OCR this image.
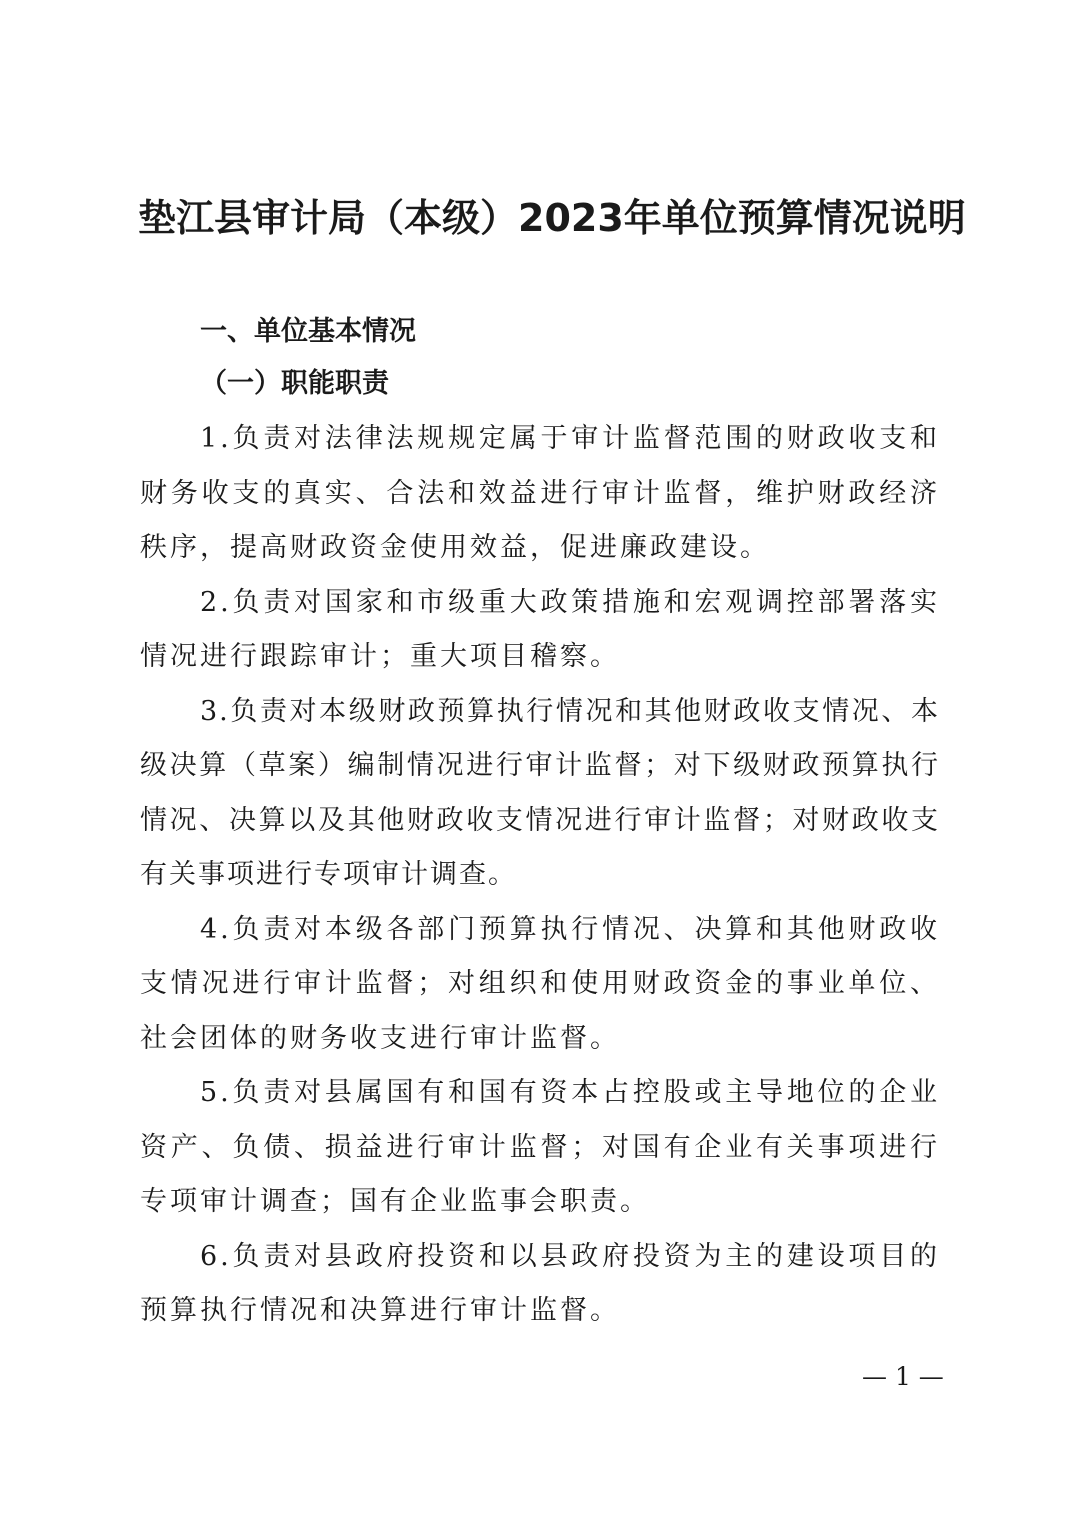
垫江县审计局（本级）2023年单位预算情况说明
一、单位基本情况
（一）职能职责

1.负责对法律法规规定属于审计监督范围的财政收支和财务收支的真实、合法和效益进行审计监督，维护财政经济秩序，提高财政资金使用效益，促进廉政建设。

2.负责对国家和市级重大政策措施和宏观调控部署落实情况进行跟踪审计；重大项目稽察。

3.负责对本级财政预算执行情况和其他财政收支情况、本级决算（草案）编制情况进行审计监督；对下级财政预算执行情况、决算以及其他财政收支情况进行审计监督；对财政收支有关事项进行专项审计调查。

4.负责对本级各部门预算执行情况、决算和其他财政收支情况进行审计监督；对组织和使用财政资金的事业单位、社会团体的财务收支进行审计监督。

5.负责对县属国有和国有资本占控股或主导地位的企业资产、负债、损益进行审计监督；对国有企业有关事项进行专项审计调查；国有企业监事会职责。

6.负责对县政府投资和以县政府投资为主的建设项目的预算执行情况和决算进行审计监督。

— 1 —
